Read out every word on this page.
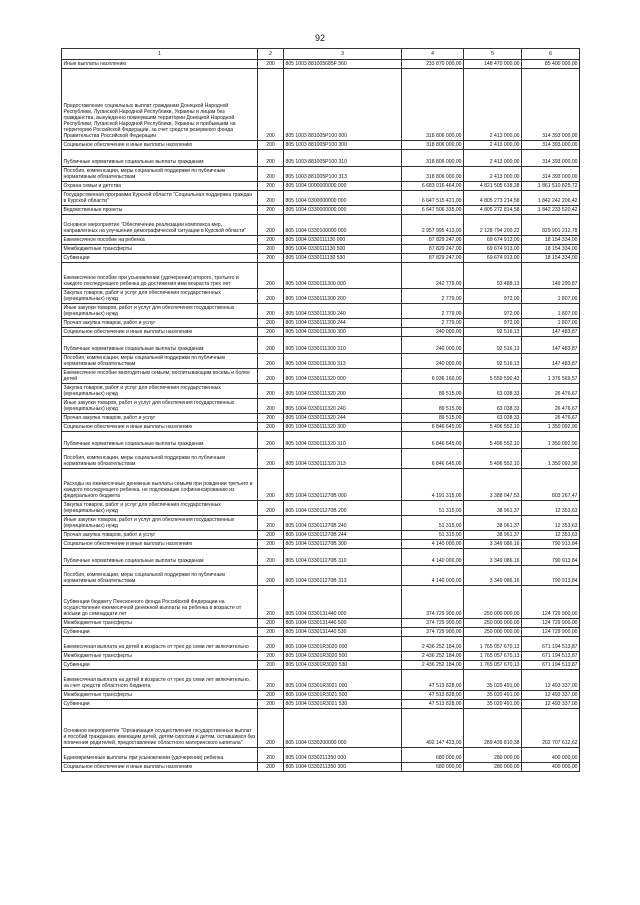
92
1	2	3	4	5	6
Иные выплаты населению	200	805 1003 881005685F 360	233 870 000,00	148 470 000,00	85 400 000,00
Предоставление социальных выплат гражданам Донецкой Народной Республики, Луганской Народной Республики, Украины и лицам без гражданства, вынужденно покинувшим территории Донецкой Народной Республики, Луганской Народной Республики, Украины и прибывшим на территорию Российской Федерации, за счет средств резервного фонда Правительства Российской Федерации	200	805 1003 881005P100 000	318 806 000,00	2 413 000,00	314 393 000,00
Социальное обеспечение и иные выплаты населению	200	805 1003 881005P100 300	318 806 000,00	2 413 000,00	314 393 000,00
Публичные нормативные социальные выплаты гражданам	200	805 1003 881005P100 310	318 806 000,00	2 413 000,00	314 393 000,00
Пособия, компенсации, меры социальной поддержки по публичным нормативным обязательствам	200	805 1003 881005P100 313	318 806 000,00	2 413 000,00	314 393 000,00
Охрана семьи и детства	200	805 1004 0000000000 000	6 683 016 464,00	4 821 505 638,28	1 861 510 825,72
Государственная программа Курской области "Социальная поддержка граждан в Курской области"	200	805 1004 0300000000 000	6 647 515 421,00	4 805 273 214,58	1 842 242 206,42
Ведомственные проекты	200	805 1004 0330000000 000	6 647 506 335,00	4 805 272 814,58	1 842 233 520,42
Основное мероприятие "Обеспечение реализации комплекса мер, направленных на улучшение демографической ситуации в Курской области"	200	805 1004 0330100000 000	2 957 995 413,00	2 128 794 200,22	829 901 212,78
Ежемесячное пособие на ребенка	200	805 1004 0330111130 000	87 829 247,00	69 674 913,00	18 154 334,00
Межбюджетные трансферты	200	805 1004 0330111130 500	87 829 247,00	69 674 913,00	18 154 334,00
Субвенции	200	805 1004 0330111130 530	87 829 247,00	69 674 913,00	18 154 334,00
Ежемесячное пособие при усыновлении (удочерении) второго, третьего и каждого последующего ребенка до достижения ими возраста трех лет	200	805 1004 0330111300 000	242 779,00	93 488,13	149 290,87
Закупка товаров, работ и услуг для обеспечения государственных (муниципальных) нужд	200	805 1004 0330111300 200	2 779,00	972,00	1 807,00
Иные закупки товаров, работ и услуг для обеспечения государственных (муниципальных) нужд	200	805 1004 0330111300 240	2 779,00	972,00	1 807,00
Прочая закупка товаров, работ и услуг	200	805 1004 0330111300 244	2 779,00	972,00	1 807,00
Социальное обеспечение и иные выплаты населению	200	805 1004 0330111300 300	240 000,00	92 516,13	147 483,87
Публичные нормативные социальные выплаты гражданам	200	805 1004 0330111300 310	240 000,00	92 516,13	147 483,87
Пособия, компенсации, меры социальной поддержки по публичным нормативным обязательствам	200	805 1004 0330111300 313	240 000,00	92 516,13	147 483,87
Ежемесячное пособие многодетным семьям, воспитывающим восемь и более детей	200	805 1004 0330111320 000	6 936 160,00	5 559 590,43	1 376 569,57
Закупка товаров, работ и услуг для обеспечения государственных (муниципальных) нужд	200	805 1004 0330111320 200	89 515,00	63 038,33	26 476,67
Иные закупки товаров, работ и услуг для обеспечения государственных (муниципальных) нужд	200	805 1004 0330111320 240	89 515,00	63 038,33	26 476,67
Прочая закупка товаров, работ и услуг	200	805 1004 0330111320 244	89 515,00	63 038,33	26 476,67
Социальное обеспечение и иные выплаты населению	200	805 1004 0330111320 300	6 846 645,00	5 496 552,10	1 350 092,90
Публичные нормативные социальные выплаты гражданам	200	805 1004 0330111320 310	6 846 645,00	5 496 552,10	1 350 092,90
Пособия, компенсации, меры социальной поддержки по публичным нормативным обязательствам	200	805 1004 0330111320 313	6 846 645,00	5 496 552,10	1 350 092,90
Расходы на ежемесячные денежные выплаты семьям при рождении третьего и каждого последующего ребенка, не подлежащие софинансированию из федерального бюджета	200	805 1004 033011270В 000	4 191 315,00	3 388 047,53	803 267,47
Закупка товаров, работ и услуг для обеспечения государственных (муниципальных) нужд	200	805 1004 033011270В 200	51 315,00	38 961,37	12 353,63
Иные закупки товаров, работ и услуг для обеспечения государственных (муниципальных) нужд	200	805 1004 033011270В 240	51 315,00	38 961,37	12 353,63
Прочая закупка товаров, работ и услуг	200	805 1004 033011270В 244	51 315,00	38 961,37	12 353,63
Социальное обеспечение и иные выплаты населению	200	805 1004 033011270В 300	4 140 000,00	3 349 086,16	790 913,84
Публичные нормативные социальные выплаты гражданам	200	805 1004 033011270В 310	4 140 000,00	3 349 086,16	790 913,84
Пособия, компенсации, меры социальной поддержки по публичным нормативным обязательствам	200	805 1004 033011270В 313	4 140 000,00	3 349 086,16	790 913,84
Субвенции бюджету Пенсионного фонда Российской Федерации на осуществление ежемесячной денежной выплаты на ребенка в возрасте от восьми до семнадцати лет	200	805 1004 0330131440 000	374 729 900,00	250 000 000,00	124 729 900,00
Межбюджетные трансферты	200	805 1004 0330131440 500	374 729 900,00	250 000 000,00	124 729 900,00
Субвенции	200	805 1004 0330131440 530	374 729 900,00	250 000 000,00	124 729 900,00
Ежемесячная выплата на детей в возрасте от трех до семи лет включительно	200	805 1004 03301R3020 000	2 436 252 184,00	1 765 057 670,13	671 194 513,87
Межбюджетные трансферты	200	805 1004 03301R3020 500	2 436 252 184,00	1 765 057 670,13	671 194 513,87
Субвенции	200	805 1004 03301R3020 530	2 436 252 184,00	1 765 057 670,13	671 194 513,87
Ежемесячная выплата на детей в возрасте от трех до семи лет включительно, за счет средств областного бюджета	200	805 1004 03301R3021 000	47 513 828,00	35 020 491,00	12 493 337,00
Межбюджетные трансферты	200	805 1004 03301R3021 500	47 513 828,00	35 020 491,00	12 493 337,00
Субвенции	200	805 1004 03301R3021 530	47 513 828,00	35 020 491,00	12 493 337,00
Основное мероприятие "Организация осуществления государственных выплат и пособий гражданам, имеющим детей, детям-сиротам и детям, оставшимся без попечения родителей, предоставление областного материнского капитала"	200	805 1004 0330200000 000	492 147 423,00	289 439 810,38	202 707 612,62
Единовременные выплаты при усыновлении (удочерении) ребенка	200	805 1004 0330211350 000	680 000,00	280 000,00	400 000,00
Социальное обеспечение и иные выплаты населению	200	805 1004 0330211350 300	680 000,00	280 000,00	400 000,00
